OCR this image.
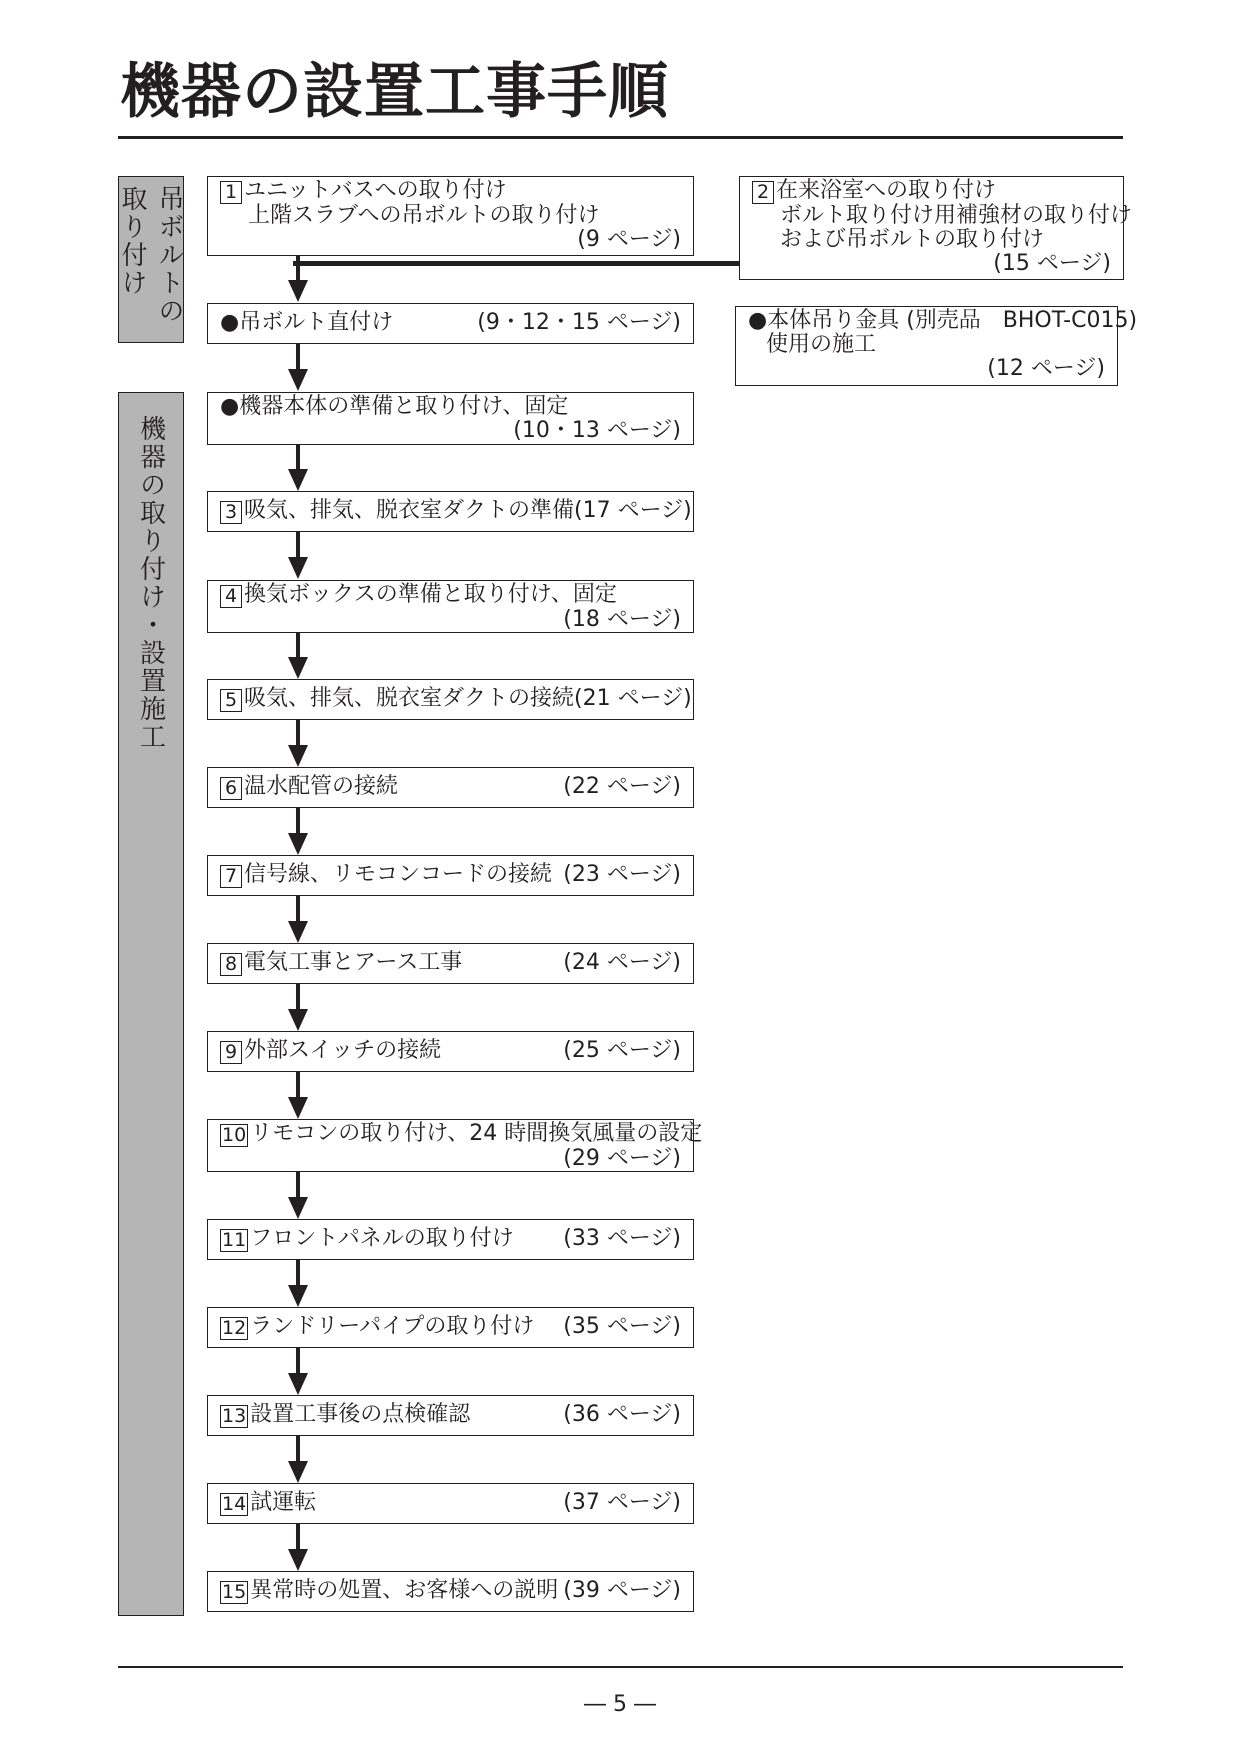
機器の設置工事手順
吊ボルトの取り付け
機器の取り付け・設置施工
1 ユニットバスへの取り付け
上階スラブへの吊ボルトの取り付け
(9 ページ)
2 在来浴室への取り付け
ボルト取り付け用補強材の取り付け
および吊ボルトの取り付け
(15 ページ)
●吊ボルト直付け	(9・12・15 ページ)	●本体吊り金具 (別売品　BHOT-C015)
使用の施工
(12 ページ)
●機器本体の準備と取り付け、固定
(10・13 ページ)
3 吸気、排気、脱衣室ダクトの準備 (17 ページ)
4 換気ボックスの準備と取り付け、固定
(18 ページ)
5 吸気、排気、脱衣室ダクトの接続 (21 ページ)
6 温水配管の接続	(22 ページ)
7 信号線、リモコンコードの接続 (23 ページ)
8 電気工事とアース工事	(24 ページ)
9 外部スイッチの接続	(25 ページ)
10 リモコンの取り付け、24 時間換気風量の設定
(29 ページ)
11 フロントパネルの取り付け (33 ページ)
12 ランドリーパイプの取り付け (35 ページ)
13 設置工事後の点検確認	(36 ページ)
14 試運転	(37 ページ)
15 異常時の処置、お客様への説明 (39 ページ)
― 5 ―
